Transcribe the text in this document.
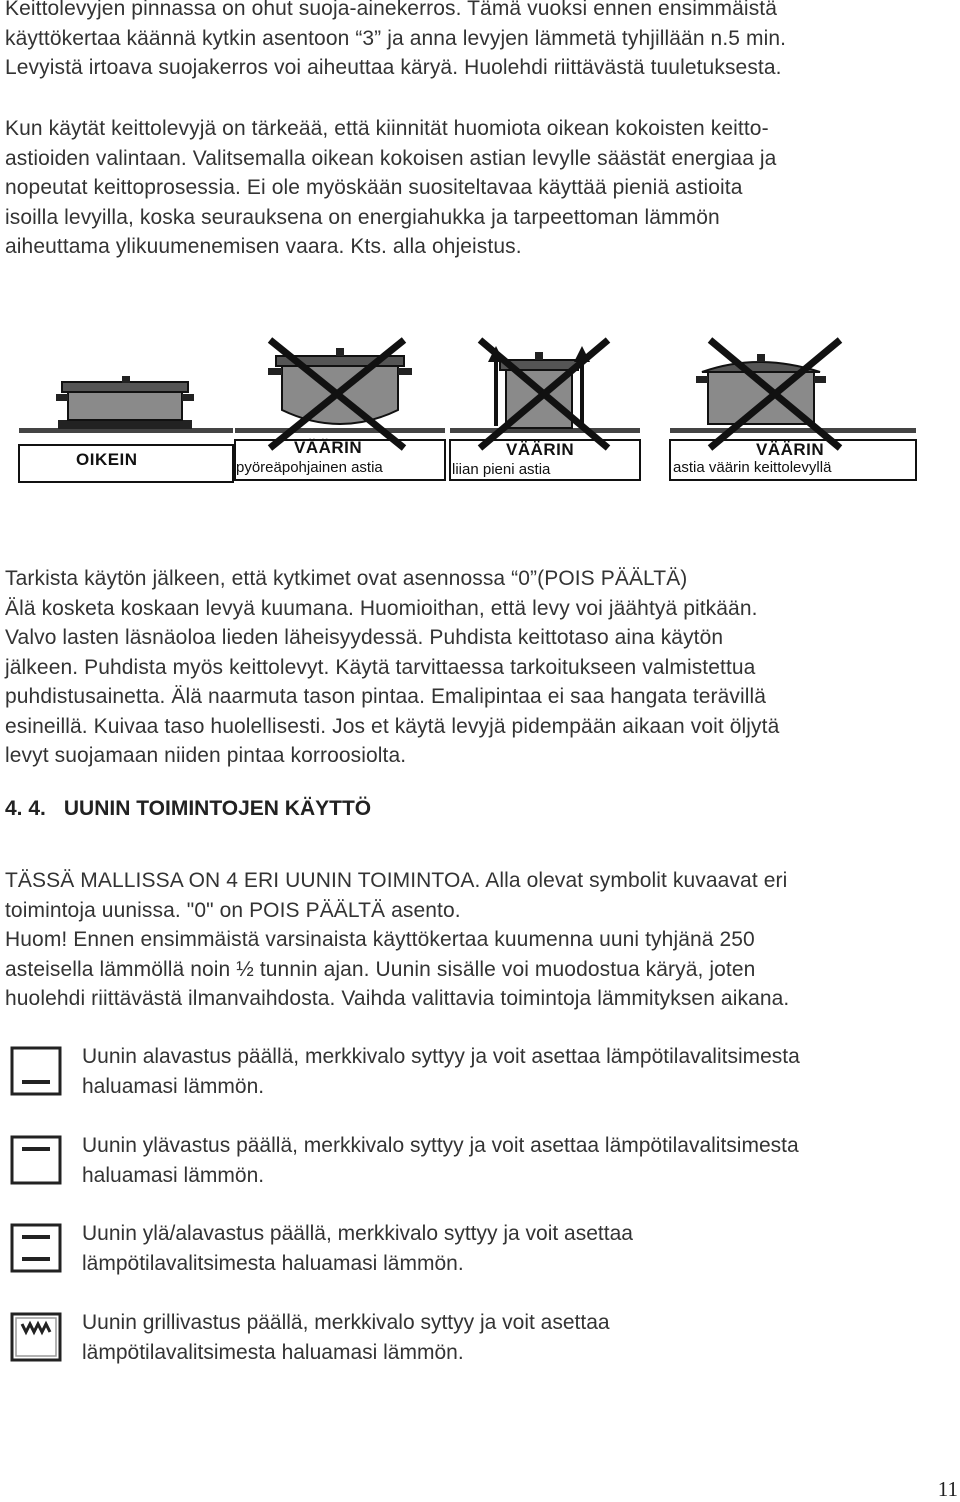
Keittolevyjen pinnassa on ohut suoja-ainekerros. Tämä vuoksi ennen ensimmäistä
käyttökertaa käännä kytkin asentoon “3” ja anna levyjen lämmetä tyhjillään n.5 min.
Levyistä irtoava suojakerros voi aiheuttaa käryä. Huolehdi riittävästä tuuletuksesta.

Kun käytät keittolevyjä on tärkeää, että kiinnität huomiota oikean kokoisten keitto-
astioiden valintaan. Valitsemalla oikean kokoisen astian levylle säästät energiaa ja
nopeutat keittoprosessia. Ei ole myöskään suositeltavaa käyttää pieniä astioita
isoilla levyilla, koska seurauksena on energiahukka ja tarpeettoman lämmön
aiheuttama ylikuumenemisen vaara. Kts. alla ohjeistus.

OIKEIN
VÄÄRIN
pyöreäpohjainen astia
VÄÄRIN
liian pieni astia
VÄÄRIN
astia väärin keittolevyllä

Tarkista käytön jälkeen, että kytkimet ovat asennossa “0”(POIS PÄÄLTÄ)
Älä kosketa koskaan levyä kuumana. Huomioithan, että levy voi jäähtyä pitkään.
Valvo lasten läsnäoloa lieden läheisyydessä. Puhdista keittotaso aina käytön
jälkeen. Puhdista myös keittolevyt. Käytä tarvittaessa tarkoitukseen valmistettua
puhdistusainetta. Älä naarmuta tason pintaa. Emalipintaa ei saa hangata terävillä
esineillä. Kuivaa taso huolellisesti. Jos et käytä levyjä pidempään aikaan voit öljytä
levyt suojamaan niiden pintaa korroosiolta.

4. 4. UUNIN TOIMINTOJEN KÄYTTÖ

TÄSSÄ MALLISSA ON 4 ERI UUNIN TOIMINTOA. Alla olevat symbolit kuvaavat eri
toimintoja uunissa. "0" on POIS PÄÄLTÄ asento.
Huom! Ennen ensimmäistä varsinaista käyttökertaa kuumenna uuni tyhjänä 250
asteisella lämmöllä noin ½ tunnin ajan. Uunin sisälle voi muodostua käryä, joten
huolehdi riittävästä ilmanvaihdosta. Vaihda valittavia toimintoja lämmityksen aikana.

Uunin alavastus päällä, merkkivalo syttyy ja voit asettaa lämpötilavalitsimesta
haluamasi lämmön.
Uunin ylävastus päällä, merkkivalo syttyy ja voit asettaa lämpötilavalitsimesta
haluamasi lämmön.
Uunin ylä/alavastus päällä, merkkivalo syttyy ja voit asettaa
lämpötilavalitsimesta haluamasi lämmön.
Uunin grillivastus päällä, merkkivalo syttyy ja voit asettaa
lämpötilavalitsimesta haluamasi lämmön.
11
